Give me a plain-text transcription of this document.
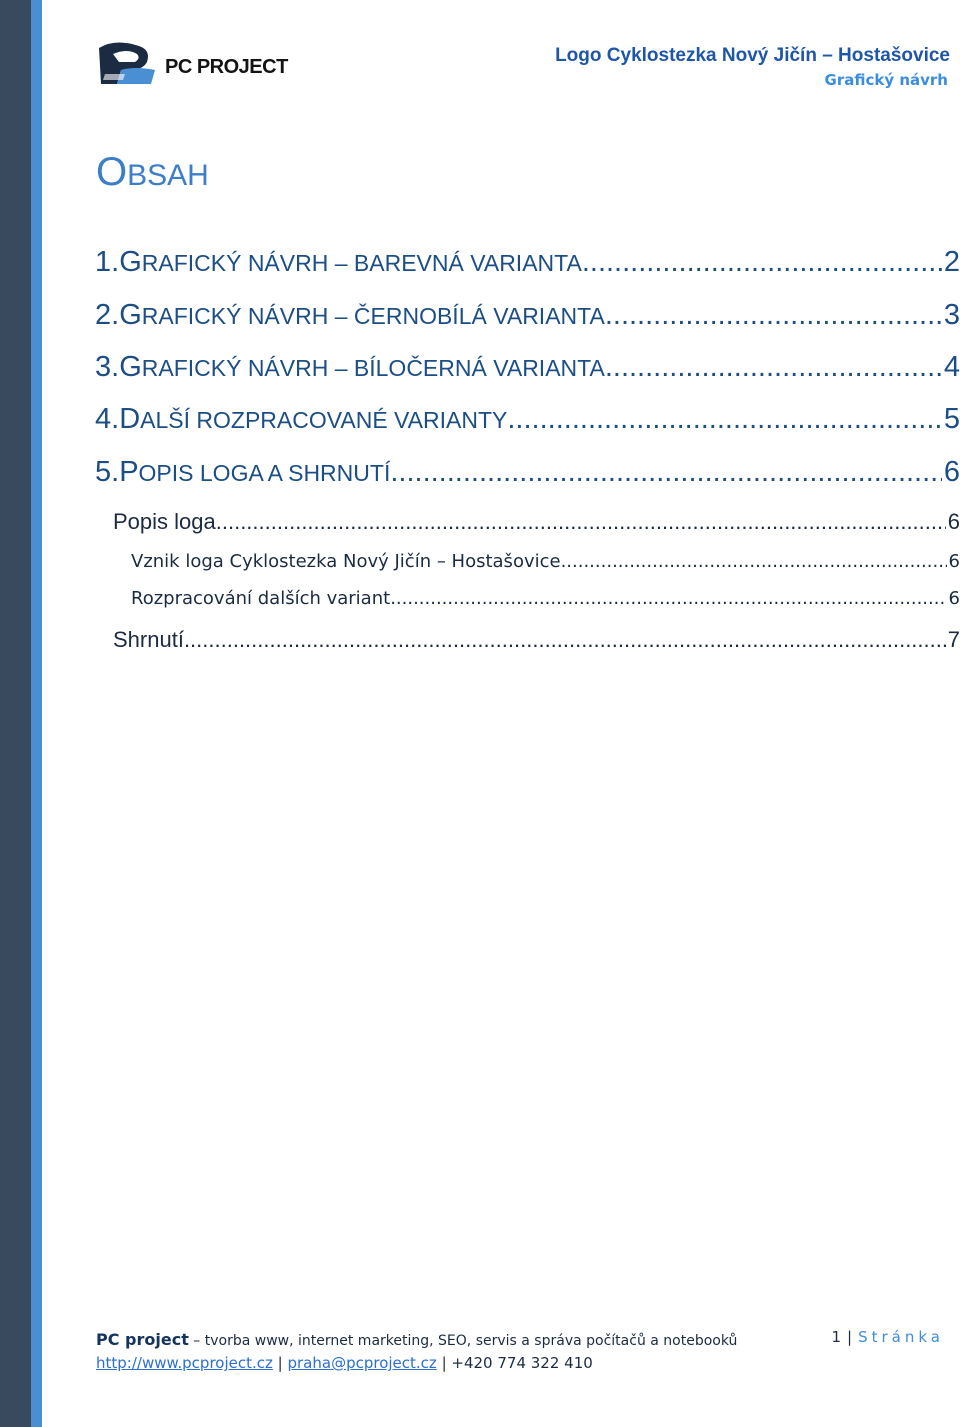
PC PROJECT
Logo Cyklostezka Nový Jičín – Hostašovice
Grafický návrh
OBSAH
1. GRAFICKÝ NÁVRH – BAREVNÁ VARIANTA .....	2
2. GRAFICKÝ NÁVRH – ČERNOBÍLÁ VARIANTA .....	3
3. GRAFICKÝ NÁVRH – BÍLOČERNÁ VARIANTA .....	4
4. DALŠÍ ROZPRACOVANÉ VARIANTY .....	5
5. POPIS LOGA A SHRNUTÍ .....	6
Popis loga .....	6
Vznik loga Cyklostezka Nový Jičín – Hostašovice .....	6
Rozpracování dalších variant .....	6
Shrnutí .....	7
PC project – tvorba www, internet marketing, SEO, servis a správa počítačů a notebooků
http://www.pcproject.cz | praha@pcproject.cz | +420 774 322 410
1 | Stránka
